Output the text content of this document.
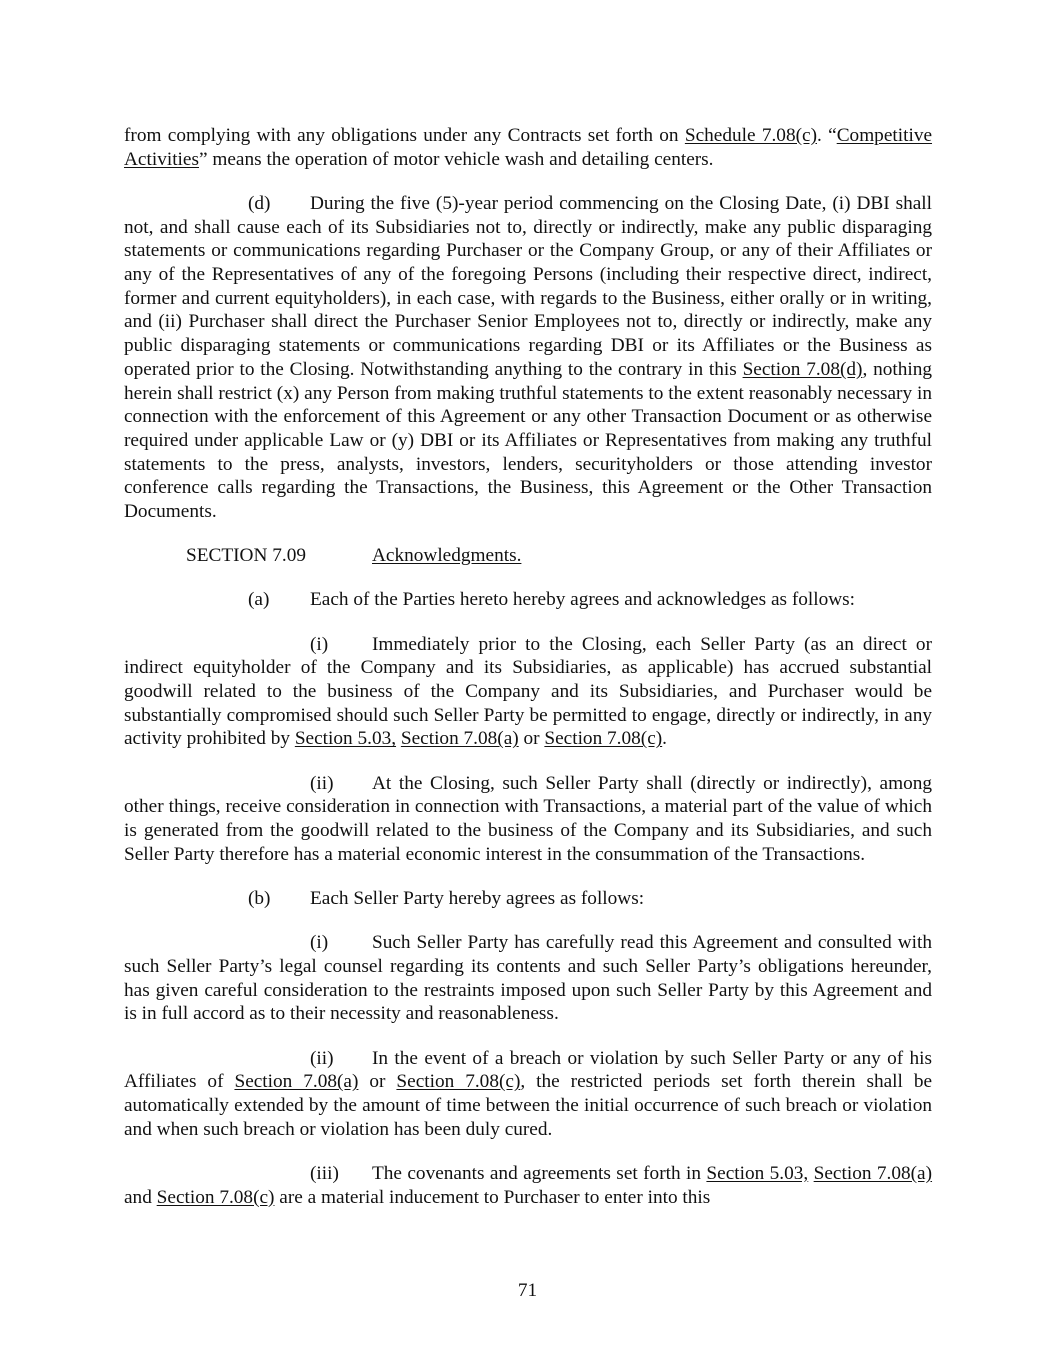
from complying with any obligations under any Contracts set forth on Schedule 7.08(c). “Competitive Activities” means the operation of motor vehicle wash and detailing centers.

(d) During the five (5)-year period commencing on the Closing Date, (i) DBI shall not, and shall cause each of its Subsidiaries not to, directly or indirectly, make any public disparaging statements or communications regarding Purchaser or the Company Group, or any of their Affiliates or any of the Representatives of any of the foregoing Persons (including their respective direct, indirect, former and current equityholders), in each case, with regards to the Business, either orally or in writing, and (ii) Purchaser shall direct the Purchaser Senior Employees not to, directly or indirectly, make any public disparaging statements or communications regarding DBI or its Affiliates or the Business as operated prior to the Closing. Notwithstanding anything to the contrary in this Section 7.08(d), nothing herein shall restrict (x) any Person from making truthful statements to the extent reasonably necessary in connection with the enforcement of this Agreement or any other Transaction Document or as otherwise required under applicable Law or (y) DBI or its Affiliates or Representatives from making any truthful statements to the press, analysts, investors, lenders, securityholders or those attending investor conference calls regarding the Transactions, the Business, this Agreement or the Other Transaction Documents.

SECTION 7.09	Acknowledgments.

(a) Each of the Parties hereto hereby agrees and acknowledges as follows:

(i) Immediately prior to the Closing, each Seller Party (as an direct or indirect equityholder of the Company and its Subsidiaries, as applicable) has accrued substantial goodwill related to the business of the Company and its Subsidiaries, and Purchaser would be substantially compromised should such Seller Party be permitted to engage, directly or indirectly, in any activity prohibited by Section 5.03, Section 7.08(a) or Section 7.08(c).

(ii) At the Closing, such Seller Party shall (directly or indirectly), among other things, receive consideration in connection with Transactions, a material part of the value of which is generated from the goodwill related to the business of the Company and its Subsidiaries, and such Seller Party therefore has a material economic interest in the consummation of the Transactions.

(b) Each Seller Party hereby agrees as follows:

(i) Such Seller Party has carefully read this Agreement and consulted with such Seller Party’s legal counsel regarding its contents and such Seller Party’s obligations hereunder, has given careful consideration to the restraints imposed upon such Seller Party by this Agreement and is in full accord as to their necessity and reasonableness.

(ii) In the event of a breach or violation by such Seller Party or any of his Affiliates of Section 7.08(a) or Section 7.08(c), the restricted periods set forth therein shall be automatically extended by the amount of time between the initial occurrence of such breach or violation and when such breach or violation has been duly cured.

(iii) The covenants and agreements set forth in Section 5.03, Section 7.08(a) and Section 7.08(c) are a material inducement to Purchaser to enter into this

71
